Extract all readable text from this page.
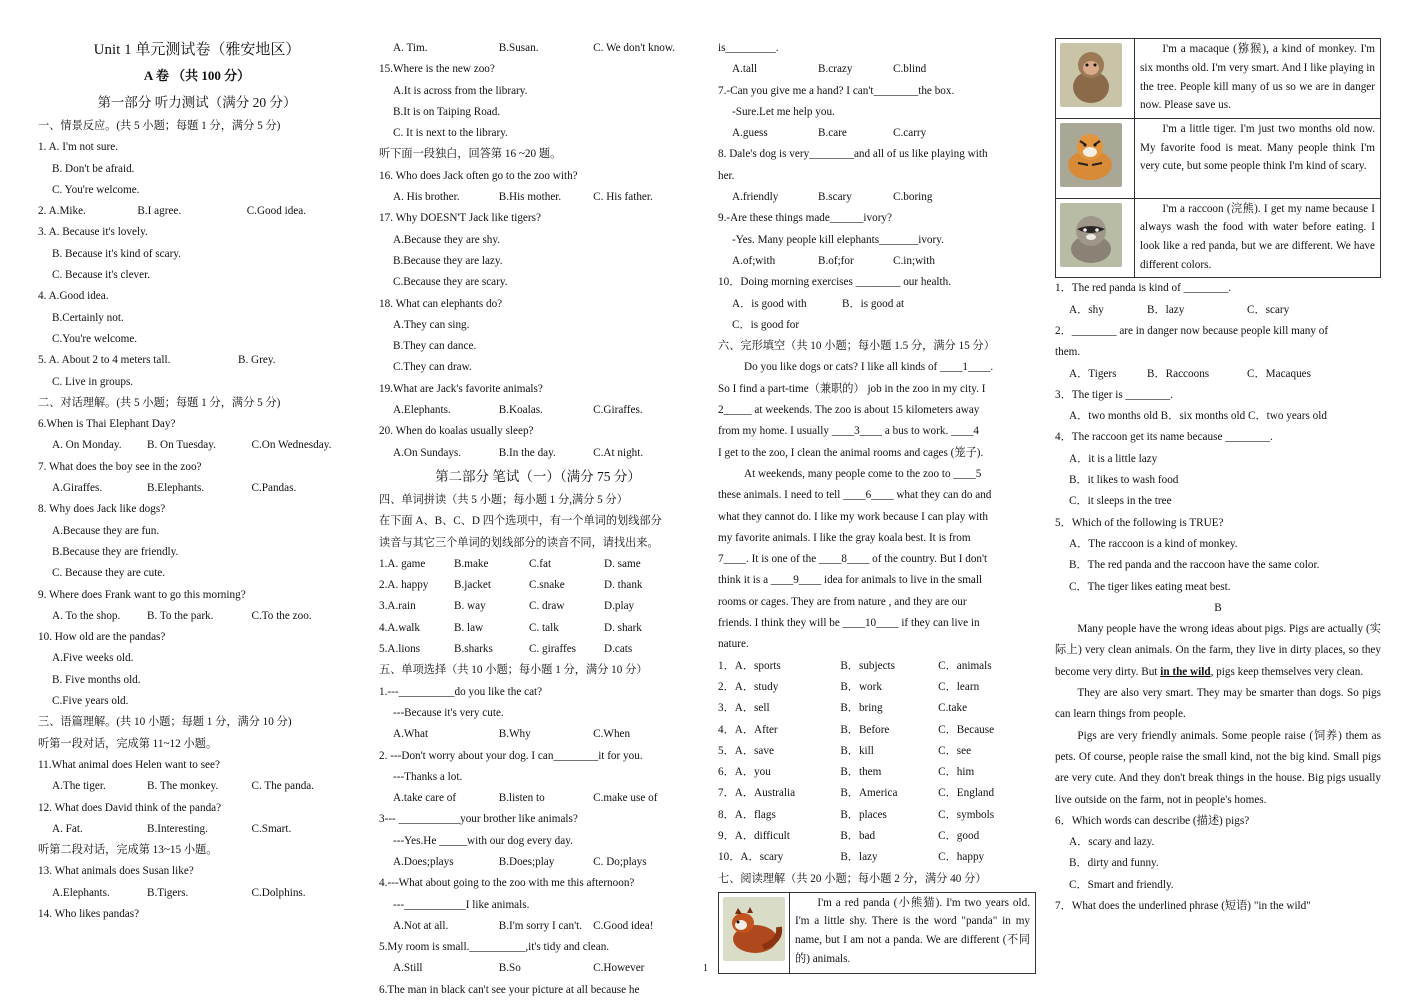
Unit 1 单元测试卷（雅安地区）
A 卷 （共 100 分）
第一部分 听力测试（满分 20 分）
一、情景反应。(共 5 小题；每题 1 分，满分 5 分)
1. A. I'm not sure.
B. Don't be afraid.
C. You're welcome.
2. A.Mike.	B.I agree.	C.Good idea.
3. A. Because it's lovely.
B. Because it's kind of scary.
C. Because it's clever.
4. A.Good idea.
B.Certainly not.
C.You're welcome.
5. A. About 2 to 4 meters tall.	B. Grey.
C. Live in groups.
二、对话理解。(共 5 小题；每题 1 分，满分 5 分)
6.When is Thai Elephant Day?
A. On Monday.	B. On Tuesday.	C.On Wednesday.
7. What does the boy see in the zoo?
A.Giraffes.	B.Elephants.	C.Pandas.
8. Why does Jack like dogs?
A.Because they are fun.
B.Because they are friendly.
C. Because they are cute.
9. Where does Frank want to go this morning?
A. To the shop.	B. To the park.	C.To the zoo.
10. How old are the pandas?
A.Five weeks old.
B. Five months old.
C.Five years old.
三、语篇理解。(共 10 小题；每题 1 分，满分 10 分)
听第一段对话，完成第 11~12 小题。
11.What animal does Helen want to see?
A.The tiger.	B. The monkey.	C. The panda.
12. What does David think of the panda?
A. Fat.	B.Interesting.	C.Smart.
听第二段对话，完成第 13~15 小题。
13. What animals does Susan like?
A.Elephants.	B.Tigers.	C.Dolphins.
14. Who likes pandas?
A. Tim.	B.Susan.	C. We don't know.
15.Where is the new zoo?
A.It is across from the library.
B.It is on Taiping Road.
C. It is next to the library.
听下面一段独白，回答第 16 ~20 题。
16. Who does Jack often go to the zoo with?
A. His brother.	B.His mother.	C. His father.
17. Why DOESN'T Jack like tigers?
A.Because they are shy.
B.Because they are lazy.
C.Because they are scary.
18. What can elephants do?
A.They can sing.
B.They can dance.
C.They can draw.
19.What are Jack's favorite animals?
A.Elephants.	B.Koalas.	C.Giraffes.
20. When do koalas usually sleep?
A.On Sundays.	B.In the day.	C.At night.
第二部分 笔试（一）（满分 75 分）
四、单词拼读（共 5 小题；每小题 1 分,满分 5 分）
在下面 A、B、C、D 四个选项中，有一个单词的划线部分
读音与其它三个单词的划线部分的读音不同，请找出来。
1.A. game	B.make	C.fat	D. same
2.A. happy	B.jacket	C.snake	D. thank
3.A.rain	B. way	C. draw	D.play
4.A.walk	B. law	C. talk	D. shark
5.A.lions	B.sharks	C. giraffes	D.cats
五、单项选择（共 10 小题；每小题 1 分，满分 10 分）
1.---__________do you like the cat?
---Because it's very cute.
A.What	B.Why	C.When
2. ---Don't worry about your dog. I can________it for you.
---Thanks a lot.
A.take care of	B.listen to	C.make use of
3--- ___________your brother like animals?
---Yes.He _____with our dog every day.
A.Does;plays	B.Does;play	C. Do;plays
4.---What about going to the zoo with me this afternoon?
---___________I like animals.
A.Not at all.	B.I'm sorry I can't. C.Good idea!
5.My room is small.__________,it's tidy and clean.
A.Still	B.So	C.However
6.The man in black can't see your picture at all because he
is_________.
A.tall	B.crazy	C.blind
7.-Can you give me a hand? I can't________the box.
-Sure.Let me help you.
A.guess	B.care	C.carry
8. Dale's dog is very________and all of us like playing with
her.
A.friendly	B.scary	C.boring
9.-Are these things made______ivory?
-Yes. Many people kill elephants_______ivory.
A.of;with	B.of;for	C.in;with
10．Doing morning exercises ________ our health.
A．is good with	B．is good at
C．is good for
六、完形填空（共 10 小题；每小题 1.5 分，满分 15 分）
Do you like dogs or cats? I like all kinds of ____1____.
So I find a part-time（兼职的） job in the zoo in my city. I
2_____ at weekends. The zoo is about 15 kilometers away
from my home. I usually ____3____ a bus to work. ____4
I get to the zoo, I clean the animal rooms and cages (笼子).
At weekends, many people come to the zoo to ____5
these animals. I need to tell ____6____ what they can do and
what they cannot do. I like my work because I can play with
my favorite animals. I like the gray koala best. It is from
7____. It is one of the ____8____ of the country. But I don't
think it is a ____9____ idea for animals to live in the small
rooms or cages. They are from nature , and they are our
friends. I think they will be ____10____ if they can live in
nature.
1．A．sports	B．subjects	C．animals
2．A．study	B．work	C．learn
3．A．sell	B．bring	C.take
4．A．After	B．Before	C．Because
5．A．save	B．kill	C．see
6．A．you	B．them	C．him
7．A．Australia	B．America	C．England
8．A．flags	B．places	C．symbols
9．A．difficult	B．bad	C．good
10．A．scary	B．lazy	C．happy
七、阅读理解（共 20 小题；每小题 2 分，满分 40 分）
I'm a red panda (小熊猫). I'm two years old. I'm a little shy. There is the word "panda" in my name, but I am not a panda. We are different (不同的) animals.

I'm a macaque (猕猴), a kind of monkey. I'm six months old. I'm very smart. And I like playing in the tree. People kill many of us so we are in danger now. Please save us.

I'm a little tiger. I'm just two months old now. My favorite food is meat. Many people think I'm very cute, but some people think I'm kind of scary.

I'm a raccoon (浣熊). I get my name because I always wash the food with water before eating. I look like a red panda, but we are different. We have different colors.
1．The red panda is kind of ________.
A．shy	B．lazy	C．scary
2．________ are in danger now because people kill many of
them.
A．Tigers	B．Raccoons	C．Macaques
3．The tiger is ________.
A．two months old B．six months old C．two years old
4．The raccoon get its name because ________.
A．it is a little lazy
B．it likes to wash food
C．it sleeps in the tree
5．Which of the following is TRUE?
A．The raccoon is a kind of monkey.
B．The red panda and the raccoon have the same color.
C．The tiger likes eating meat best.
B
Many people have the wrong ideas about pigs. Pigs are actually (实际上) very clean animals. On the farm, they live in dirty places, so they become very dirty. But in the wild, pigs keep themselves very clean.
They are also very smart. They may be smarter than dogs. So pigs can learn things from people.
Pigs are very friendly animals. Some people raise (饲养) them as pets. Of course, people raise the small kind, not the big kind. Small pigs are very cute. And they don't break things in the house. Big pigs usually live outside on the farm, not in people's homes.
6．Which words can describe (描述) pigs?
A．scary and lazy.
B．dirty and funny.
C．Smart and friendly.
7．What does the underlined phrase (短语) "in the wild"
1
